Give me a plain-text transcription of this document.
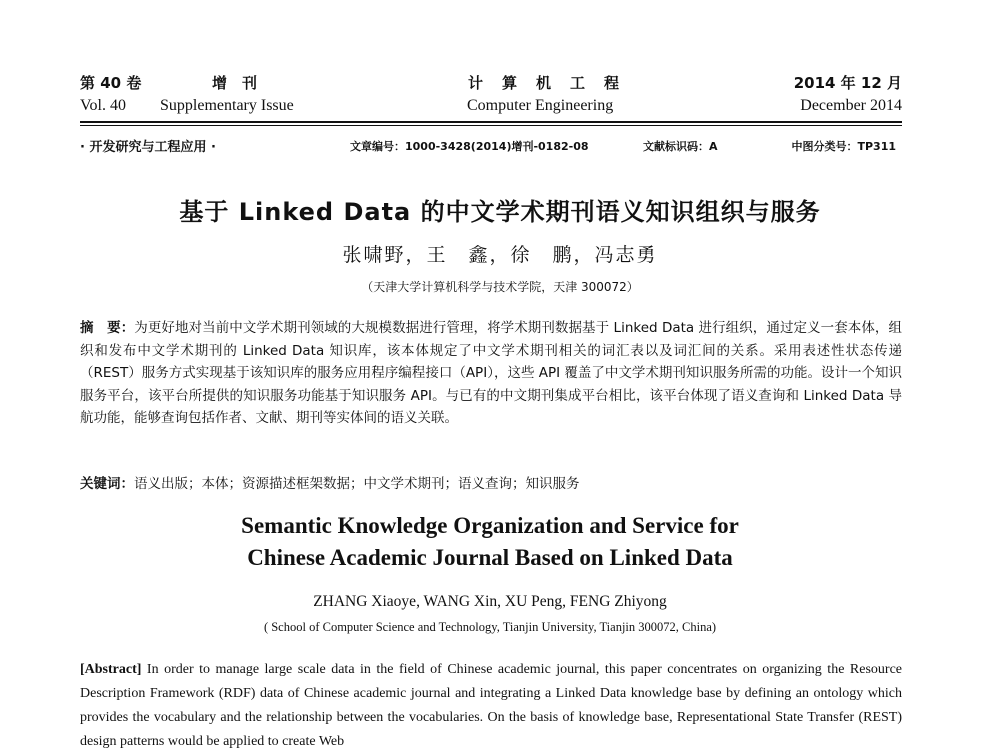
第 40 卷	增　刊	计　算　机　工　程	2014 年 12 月
Vol. 40 Supplementary Issue	Computer Engineering	December 2014
· 开发研究与工程应用 ·	文章编号：1000-3428(2014)增刊-0182-08	文献标识码：A	中图分类号：TP311
基于 Linked Data 的中文学术期刊语义知识组织与服务
张啸野，王　鑫，徐　鹏，冯志勇
（天津大学计算机科学与技术学院，天津 300072）
摘　要：为更好地对当前中文学术期刊领域的大规模数据进行管理，将学术期刊数据基于 Linked Data 进行组织，通过定义一套本体，组织和发布中文学术期刊的 Linked Data 知识库，该本体规定了中文学术期刊相关的词汇表以及词汇间的关系。采用表述性状态传递（REST）服务方式实现基于该知识库的服务应用程序编程接口（API），这些 API 覆盖了中文学术期刊知识服务所需的功能。设计一个知识服务平台，该平台所提供的知识服务功能基于知识服务 API。与已有的中文期刊集成平台相比，该平台体现了语义查询和 Linked Data 导航功能，能够查询包括作者、文献、期刊等实体间的语义关联。
关键词：语义出版；本体；资源描述框架数据；中文学术期刊；语义查询；知识服务
Semantic Knowledge Organization and Service for
Chinese Academic Journal Based on Linked Data
ZHANG Xiaoye, WANG Xin, XU Peng, FENG Zhiyong
( School of Computer Science and Technology, Tianjin University, Tianjin 300072, China)
[Abstract] In order to manage large scale data in the field of Chinese academic journal, this paper concentrates on organizing the Resource Description Framework (RDF) data of Chinese academic journal and integrating a Linked Data knowledge base by defining an ontology which provides the vocabulary and the relationship between the vocabularies. On the basis of knowledge base, Representational State Transfer (REST) design patterns would be applied to create Web
